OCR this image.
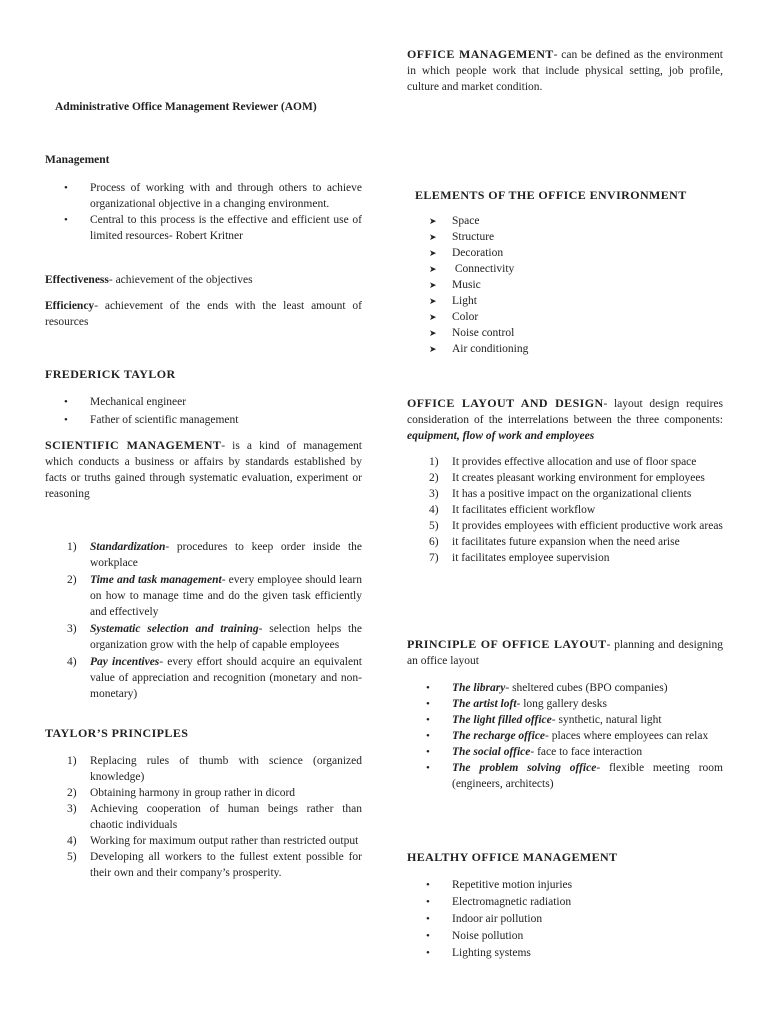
Administrative Office Management Reviewer (AOM)
Management
• Process of working with and through others to achieve organizational objective in a changing environment.
• Central to this process is the effective and efficient use of limited resources- Robert Kritner
Effectiveness- achievement of the objectives
Efficiency- achievement of the ends with the least amount of resources
FREDERICK TAYLOR
• Mechanical engineer
• Father of scientific management
SCIENTIFIC MANAGEMENT- is a kind of management which conducts a business or affairs by standards established by facts or truths gained through systematic evaluation, experiment or reasoning
1) Standardization- procedures to keep order inside the workplace
2) Time and task management- every employee should learn on how to manage time and do the given task efficiently and effectively
3) Systematic selection and training- selection helps the organization grow with the help of capable employees
4) Pay incentives- every effort should acquire an equivalent value of appreciation and recognition (monetary and non-monetary)
TAYLOR’S PRINCIPLES
1) Replacing rules of thumb with science (organized knowledge)
2) Obtaining harmony in group rather in dicord
3) Achieving cooperation of human beings rather than chaotic individuals
4) Working for maximum output rather than restricted output
5) Developing all workers to the fullest extent possible for their own and their company’s prosperity.
OFFICE MANAGEMENT- can be defined as the environment in which people work that include physical setting, job profile, culture and market condition.
ELEMENTS OF THE OFFICE ENVIRONMENT
➤ Space
➤ Structure
➤ Decoration
➤ Connectivity
➤ Music
➤ Light
➤ Color
➤ Noise control
➤ Air conditioning
OFFICE LAYOUT AND DESIGN- layout design requires consideration of the interrelations between the three components: equipment, flow of work and employees
1) It provides effective allocation and use of floor space
2) It creates pleasant working environment for employees
3) It has a positive impact on the organizational clients
4) It facilitates efficient workflow
5) It provides employees with efficient productive work areas
6) it facilitates future expansion when the need arise
7) it facilitates employee supervision
PRINCIPLE OF OFFICE LAYOUT- planning and designing an office layout
• The library- sheltered cubes (BPO companies)
• The artist loft- long gallery desks
• The light filled office- synthetic, natural light
• The recharge office- places where employees can relax
• The social office- face to face interaction
• The problem solving office- flexible meeting room (engineers, architects)
HEALTHY OFFICE MANAGEMENT
• Repetitive motion injuries
• Electromagnetic radiation
• Indoor air pollution
• Noise pollution
• Lighting systems
